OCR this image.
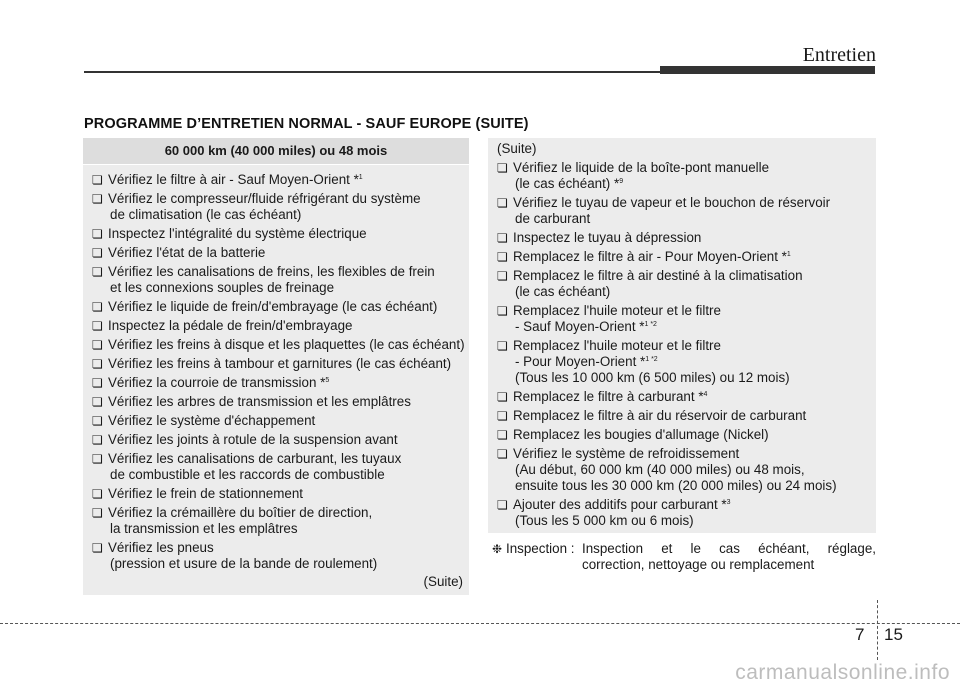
Entretien
PROGRAMME D’ENTRETIEN NORMAL - SAUF EUROPE (SUITE)
60 000 km (40 000 miles) ou 48 mois
❏ Vérifiez le filtre à air - Sauf Moyen-Orient *$^1$
❏ Vérifiez le compresseur/fluide réfrigérant du système
de climatisation (le cas échéant)
❏ Inspectez l'intégralité du système électrique
❏ Vérifiez l'état de la batterie
❏ Vérifiez les canalisations de freins, les flexibles de frein
et les connexions souples de freinage
❏ Vérifiez le liquide de frein/d'embrayage (le cas échéant)
❏ Inspectez la pédale de frein/d'embrayage
❏ Vérifiez les freins à disque et les plaquettes (le cas échéant)
❏ Vérifiez les freins à tambour et garnitures (le cas échéant)
❏ Vérifiez la courroie de transmission *$^5$
❏ Vérifiez les arbres de transmission et les emplâtres
❏ Vérifiez le système d'échappement
❏ Vérifiez les joints à rotule de la suspension avant
❏ Vérifiez les canalisations de carburant, les tuyaux
de combustible et les raccords de combustible
❏ Vérifiez le frein de stationnement
❏ Vérifiez la crémaillère du boîtier de direction,
la transmission et les emplâtres
❏ Vérifiez les pneus
(pression et usure de la bande de roulement)
(Suite)
(Suite)
❏ Vérifiez le liquide de la boîte-pont manuelle
(le cas échéant) *$^9$
❏ Vérifiez le tuyau de vapeur et le bouchon de réservoir
de carburant
❏ Inspectez le tuyau à dépression
❏ Remplacez le filtre à air - Pour Moyen-Orient *$^1$
❏ Remplacez le filtre à air destiné à la climatisation
(le cas échéant)
❏ Remplacez l'huile moteur et le filtre
- Sauf Moyen-Orient *$^{1 *2}$
❏ Remplacez l'huile moteur et le filtre
- Pour Moyen-Orient *$^{1 *2}$
(Tous les 10 000 km (6 500 miles) ou 12 mois)
❏ Remplacez le filtre à carburant *$^4$
❏ Remplacez le filtre à air du réservoir de carburant
❏ Remplacez les bougies d'allumage (Nickel)
❏ Vérifiez le système de refroidissement
(Au début, 60 000 km (40 000 miles) ou 48 mois,
ensuite tous les 30 000 km (20 000 miles) ou 24 mois)
❏ Ajouter des additifs pour carburant *$^3$
(Tous les 5 000 km ou 6 mois)
❉ Inspection : Inspection et le cas échéant, réglage,
correction, nettoyage ou remplacement
7 15
carmanualsonline.info
